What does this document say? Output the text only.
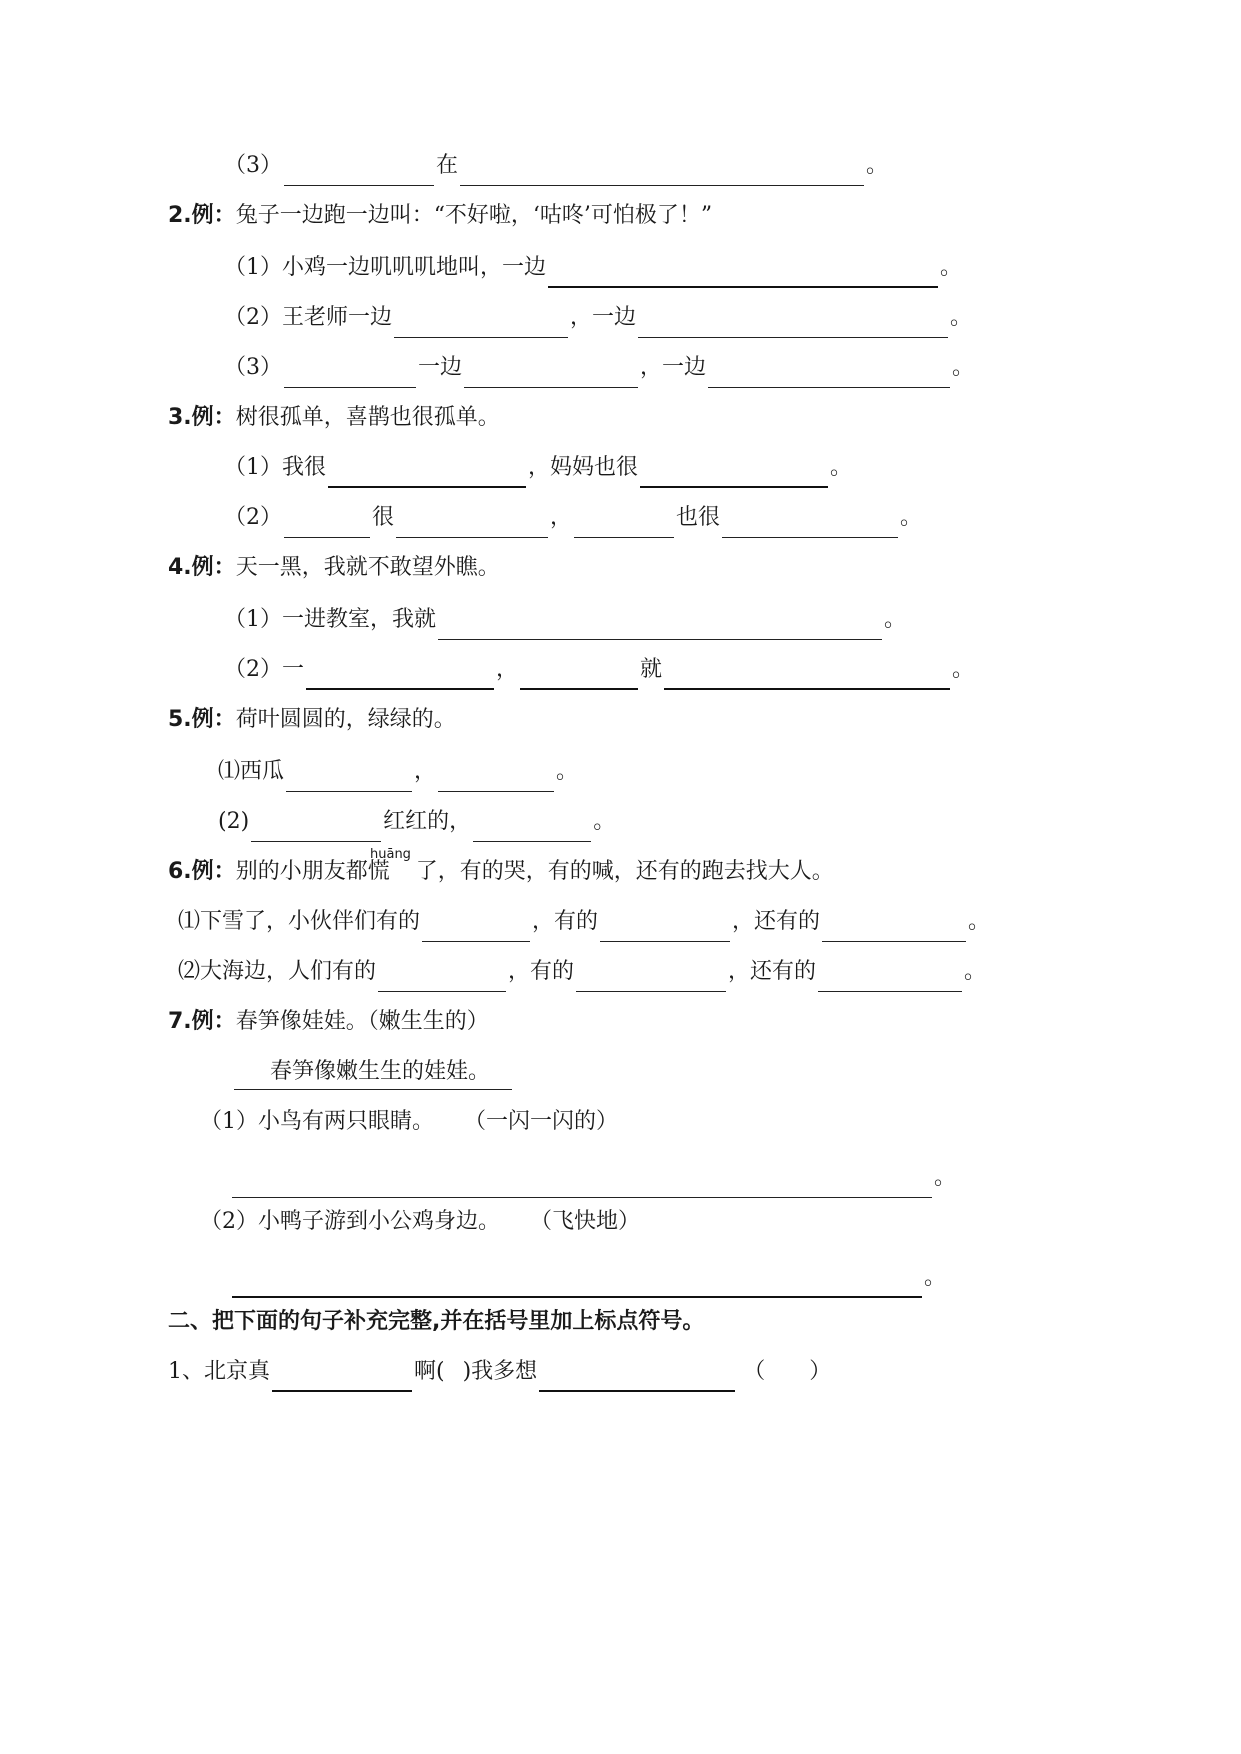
（3）	在	。
2.例：兔子一边跑一边叫：“不好啦，‘咕咚’可怕极了！”
（1）小鸡一边叽叽叽地叫，一边	。
（2）王老师一边	，一边	。
（3）	一边	，一边	。
3.例：树很孤单，喜鹊也很孤单。
（1）我很	，妈妈也很	。
（2）	很	，	也很	。
4.例：天一黑，我就不敢望外瞧。
（1）一进教室，我就	。
（2）一	，	就	。
5.例：荷叶圆圆的，绿绿的。
⑴西瓜	，	。
(2)	红红的，	。
huāng
6.例：别的小朋友都慌 了，有的哭，有的喊，还有的跑去找大人。
⑴下雪了，小伙伴们有的	，有的	，还有的	。
⑵大海边，人们有的	，有的	，还有的	。
7.例：春笋像娃娃。（嫩生生的）
春笋像嫩生生的娃娃。
（1）小鸟有两只眼睛。 （一闪一闪的）
。
（2）小鸭子游到小公鸡身边。 （飞快地）
。
二、把下面的句子补充完整,并在括号里加上标点符号。
1、北京真	啊( )我多想	（　　）
